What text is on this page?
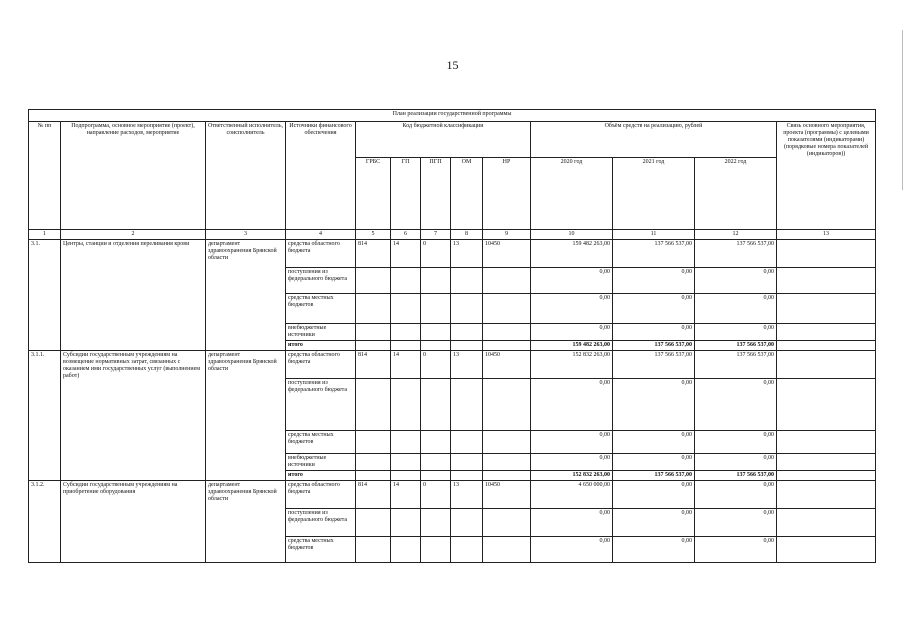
15
План реализации государственной программы												
№ пп	Подпрограмма, основное мероприятие (проект), направление расходов, мероприятие	Ответственный исполнитель, соисполнитель	Источники финансового обеспечения	Код бюджетной классификации					Объём средств на реализацию, рублей			Связь основного мероприятия, проекта (программы) с целевыми показателями (индикаторами) (порядковые номера показателей (индикаторов))
				ГРБС	ГП	ПГП	ОМ	НР	2020 год	2021 год	2022 год	
1	2	3	4	5	6	7	8	9	10	11	12	13
3.1.	Центры, станции и отделения переливания крови	департамент здравоохранения Брянской области	средства областного бюджета	814	14	0	13	10450	159 482 263,00	137 566 537,00	137 566 537,00	
			поступления из федерального бюджета						0,00	0,00	0,00	
			средства местных бюджетов						0,00	0,00	0,00	
			внебюджетные источники						0,00	0,00	0,00	
			итого						159 482 263,00	137 566 537,00	137 566 537,00	
3.1.1.	Субсидии государственным учреждениям на возмещение нормативных затрат, связанных с оказанием ими государственных услуг (выполнением работ)	департамент здравоохранения Брянской области	средства областного бюджета	814	14	0	13	10450	152 832 263,00	137 566 537,00	137 566 537,00	
			поступления из федерального бюджета						0,00	0,00	0,00	
			средства местных бюджетов						0,00	0,00	0,00	
			внебюджетные источники						0,00	0,00	0,00	
			итого						152 832 263,00	137 566 537,00	137 566 537,00	
3.1.2.	Субсидии государственным учреждениям на приобретение оборудования	департамент здравоохранения Брянской области	средства областного бюджета	814	14	0	13	10450	4 650 000,00	0,00	0,00	
			поступления из федерального бюджета						0,00	0,00	0,00	
			средства местных бюджетов						0,00	0,00	0,00	
